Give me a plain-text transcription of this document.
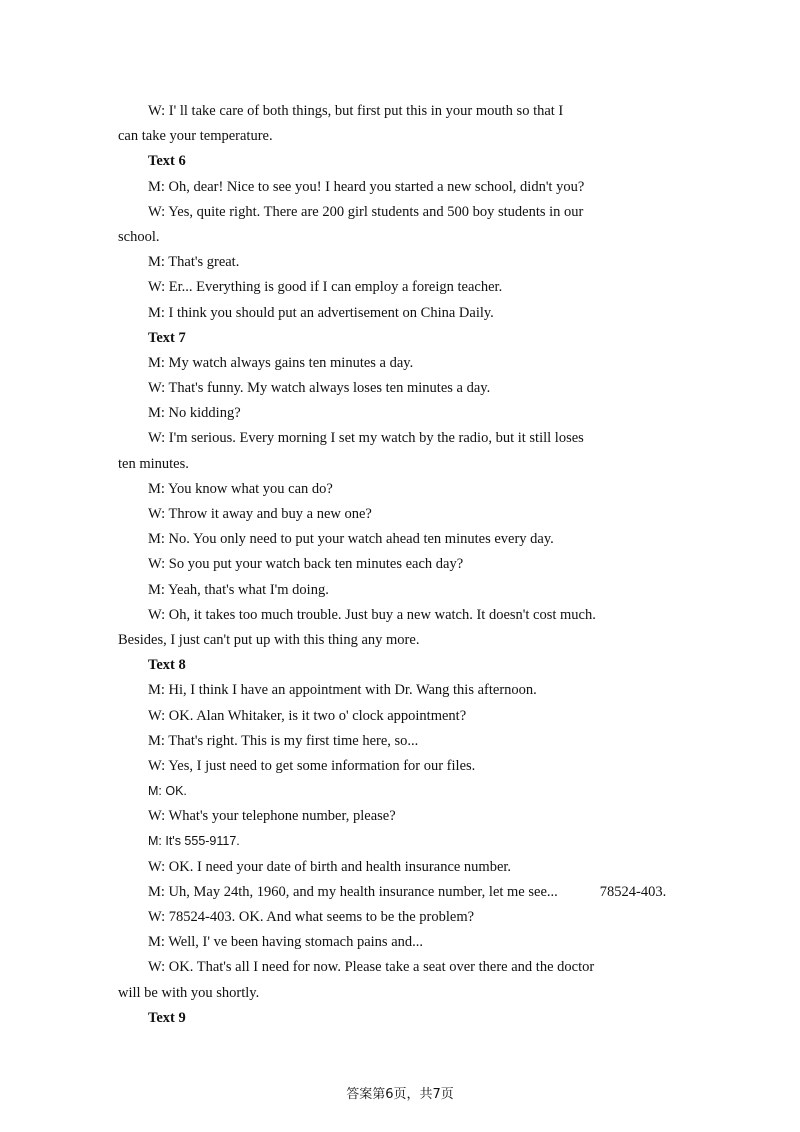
W: I' ll take care of both things, but first put this in your mouth so that I
can take your temperature.
Text 6
M: Oh, dear! Nice to see you! I heard you started a new school, didn't you?
W: Yes, quite right. There are 200 girl students and 500 boy students in our
school.
M: That's great.
W: Er... Everything is good if I can employ a foreign teacher.
M: I think you should put an advertisement on China Daily.
Text 7
M: My watch always gains ten minutes a day.
W: That's funny. My watch always loses ten minutes a day.
M: No kidding?
W: I'm serious. Every morning I set my watch by the radio, but it still loses
ten minutes.
M: You know what you can do?
W: Throw it away and buy a new one?
M: No. You only need to put your watch ahead ten minutes every day.
W: So you put your watch back ten minutes each day?
M: Yeah, that's what I'm doing.
W: Oh, it takes too much trouble. Just buy a new watch. It doesn't cost much.
Besides, I just can't put up with this thing any more.
Text 8
M: Hi, I think I have an appointment with Dr. Wang this afternoon.
W: OK. Alan Whitaker, is it two o' clock appointment?
M: That's right. This is my first time here, so...
W: Yes, I just need to get some information for our files.
M: OK.
W: What's your telephone number, please?
M: It's 555-9117.
W: OK. I need your date of birth and health insurance number.
M: Uh, May 24th, 1960, and my health insurance number, let me see...	78524-403.
W: 78524-403. OK. And what seems to be the problem?
M: Well, I' ve been having stomach pains and...
W: OK. That's all I need for now. Please take a seat over there and the doctor
will be with you shortly.
Text 9
答案第6页，共7页
